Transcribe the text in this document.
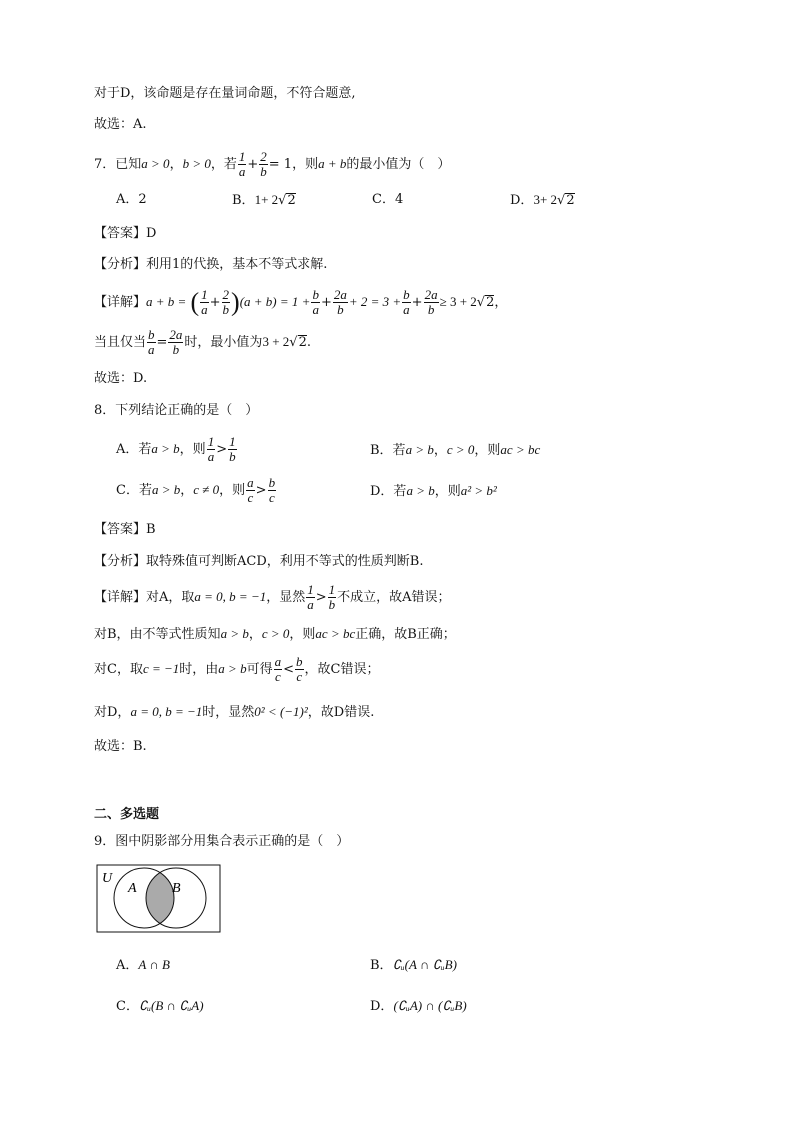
对于D，该命题是存在量词命题，不符合题意,
故选：A.
7．已知a > 0，b > 0，若 $\frac{1}{a} + \frac{2}{b} = 1$，则a + b的最小值为（　）
A．2	B．1+ 2√2	C．4	D．3+ 2√2
【答案】D
【分析】利用1的代换，基本不等式求解.
【详解】a + b = ( $\frac{1}{a} + \frac{2}{b} )(a + b) = 1 + \frac{b}{a} + \frac{2a}{b} + 2 = 3 + \frac{b}{a} + \frac{2a}{b} \ge 3 + 2√2$，
当且仅当 $\frac{b}{a} = \frac{2a}{b}$ 时，最小值为3 + 2√2.
故选：D.
8．下列结论正确的是（　）
A．若a > b，则 $\frac{1}{a} > \frac{1}{b}$	B．若a > b，c > 0，则ac > bc
C．若a > b，c ≠ 0，则 $\frac{a}{c} > \frac{b}{c}$	D．若a > b，则a² > b²
【答案】B
【分析】取特殊值可判断ACD，利用不等式的性质判断B.
【详解】对A，取a = 0, b = −1，显然 $\frac{1}{a} > \frac{1}{b}$ 不成立，故A错误；
对B，由不等式性质知a > b，c > 0，则ac > bc正确，故B正确；
对C，取c = −1时，由a > b可得 $\frac{a}{c} < \frac{b}{c}$ ，故C错误；
对D，a = 0, b = −1时，显然0² < (−1)²，故D错误.
故选：B.
二、多选题
9．图中阴影部分用集合表示正确的是（　）
U
A	B
A．A ∩ B	B．∁ᵤ(A ∩ ∁ᵤB)
C．∁ᵤ(B ∩ ∁ᵤA)	D．(∁ᵤA) ∩ (∁ᵤB)
